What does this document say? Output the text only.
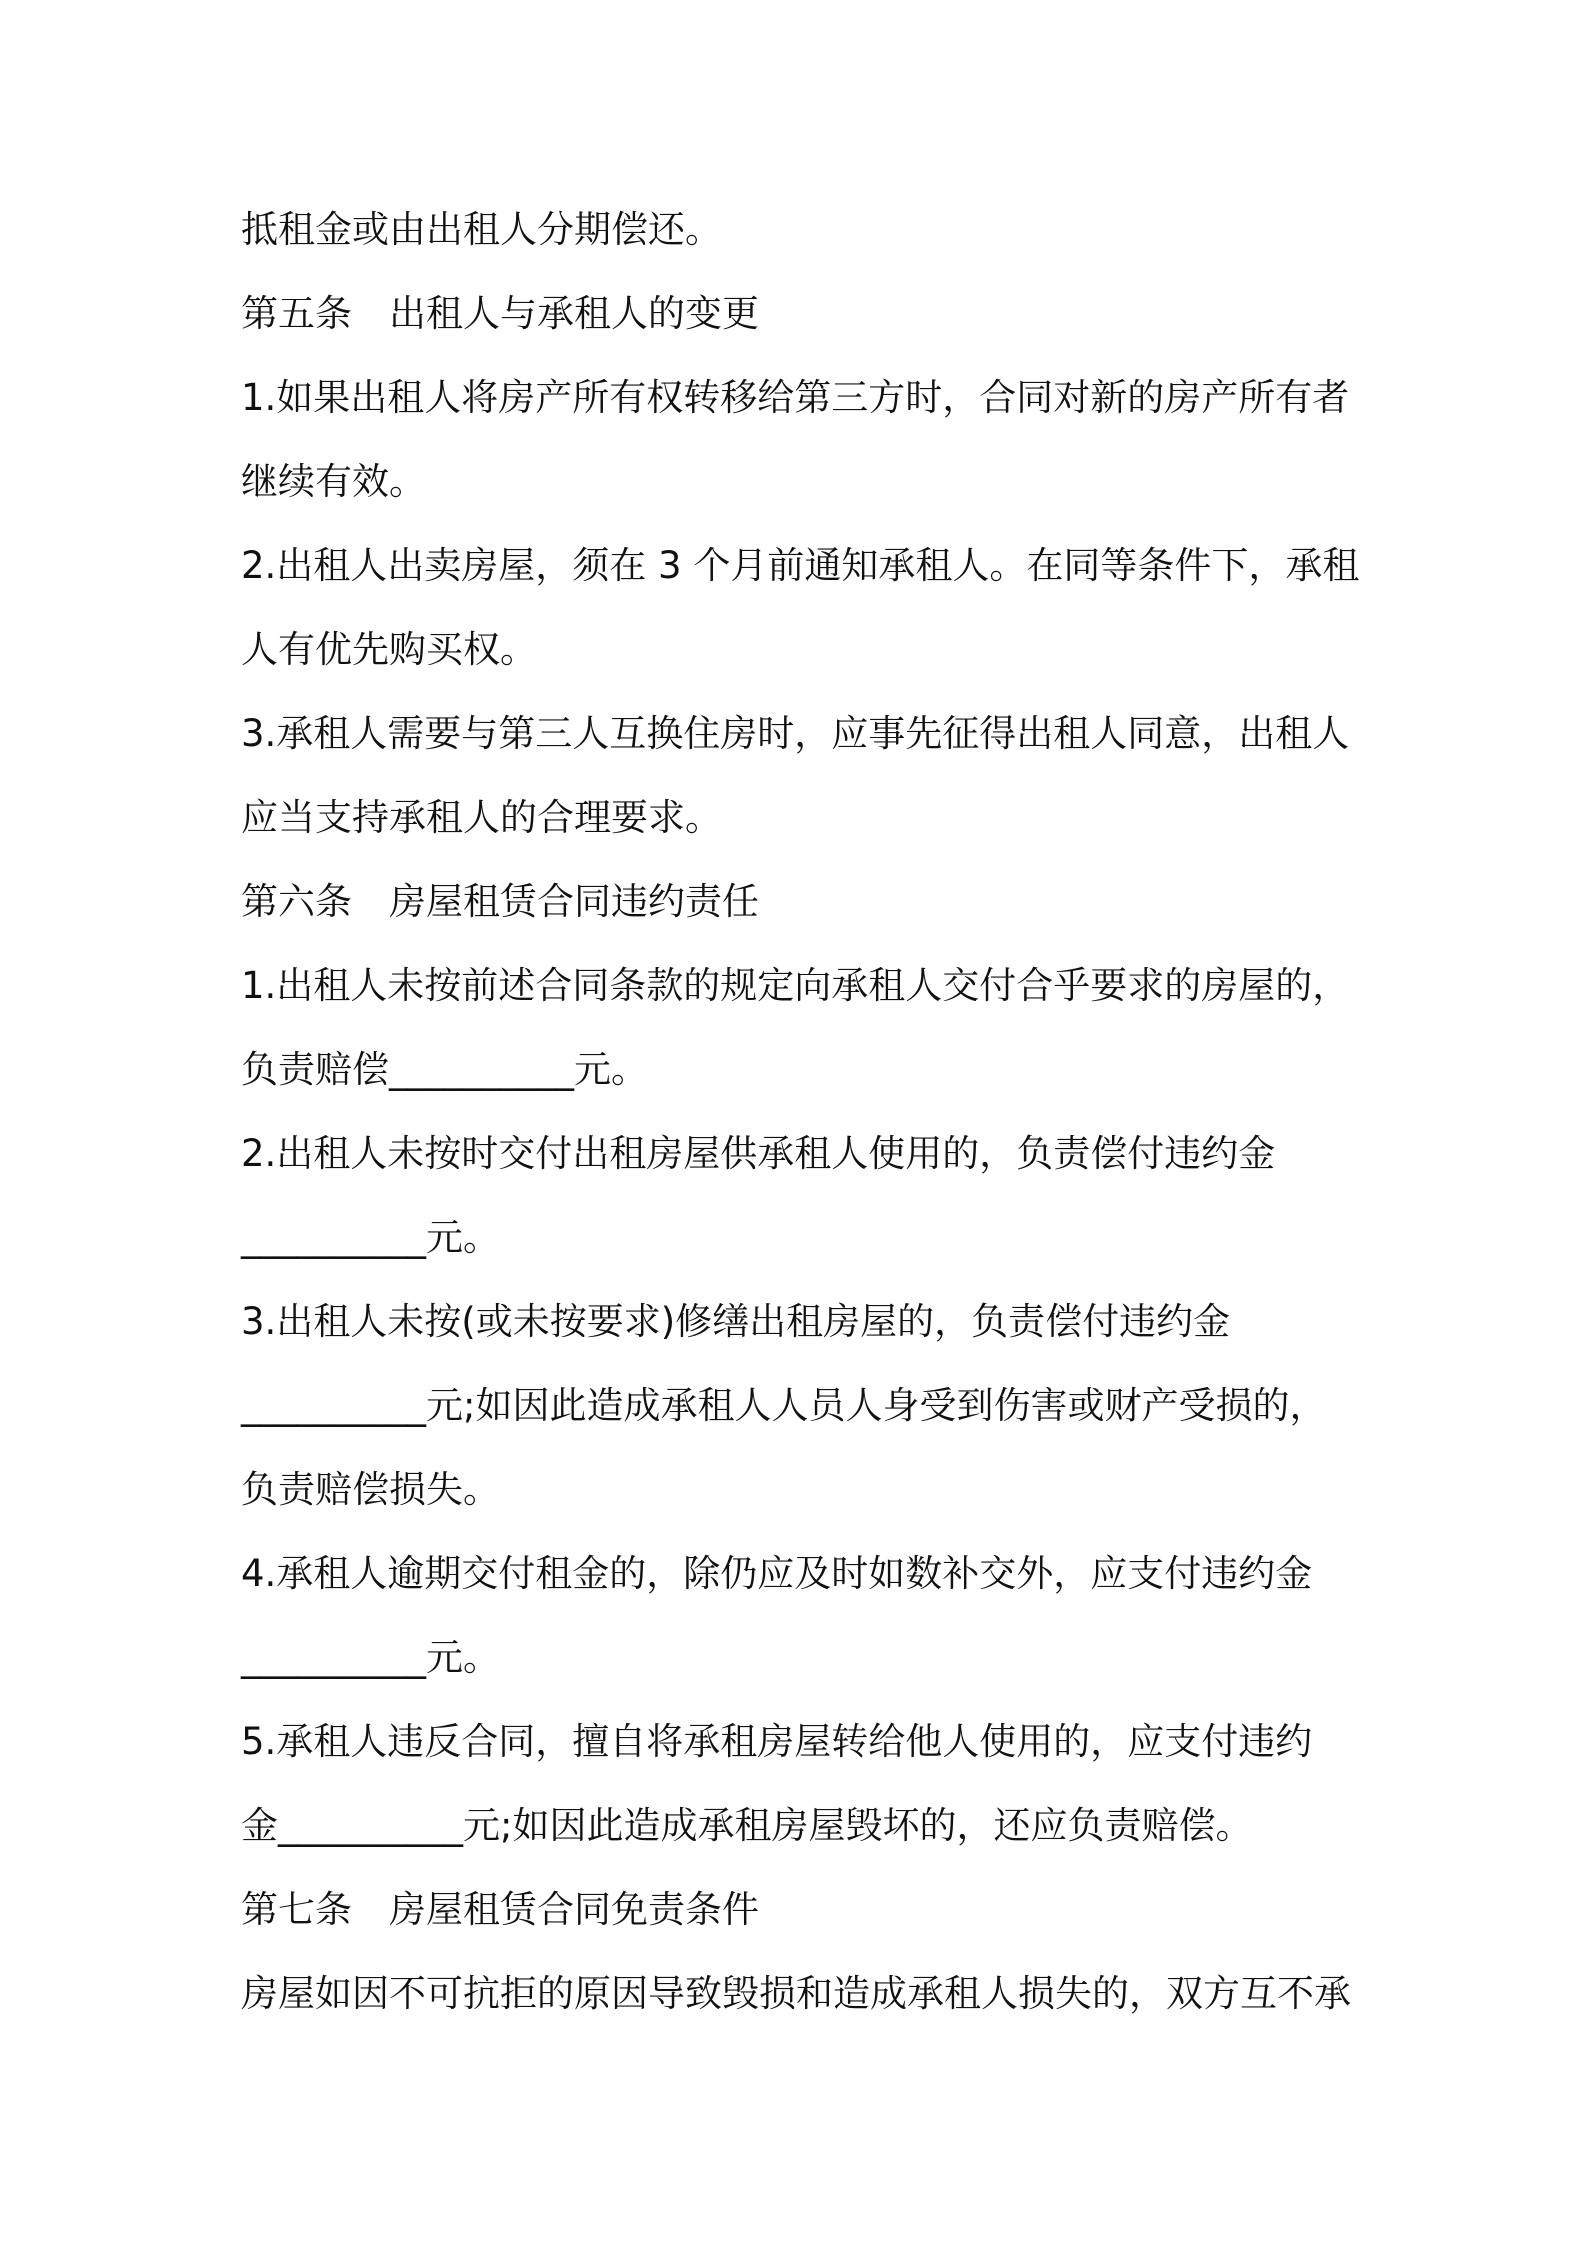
抵租金或由出租人分期偿还。

第五条　出租人与承租人的变更

1.如果出租人将房产所有权转移给第三方时，合同对新的房产所有者

继续有效。

2.出租人出卖房屋，须在 3 个月前通知承租人。在同等条件下，承租

人有优先购买权。

3.承租人需要与第三人互换住房时，应事先征得出租人同意，出租人

应当支持承租人的合理要求。

第六条　房屋租赁合同违约责任

1.出租人未按前述合同条款的规定向承租人交付合乎要求的房屋的，

负责赔偿__________元。

2.出租人未按时交付出租房屋供承租人使用的，负责偿付违约金

__________元。

3.出租人未按(或未按要求)修缮出租房屋的，负责偿付违约金

__________元;如因此造成承租人人员人身受到伤害或财产受损的，

负责赔偿损失。

4.承租人逾期交付租金的，除仍应及时如数补交外，应支付违约金

__________元。

5.承租人违反合同，擅自将承租房屋转给他人使用的，应支付违约

金__________元;如因此造成承租房屋毁坏的，还应负责赔偿。

第七条　房屋租赁合同免责条件

房屋如因不可抗拒的原因导致毁损和造成承租人损失的，双方互不承
